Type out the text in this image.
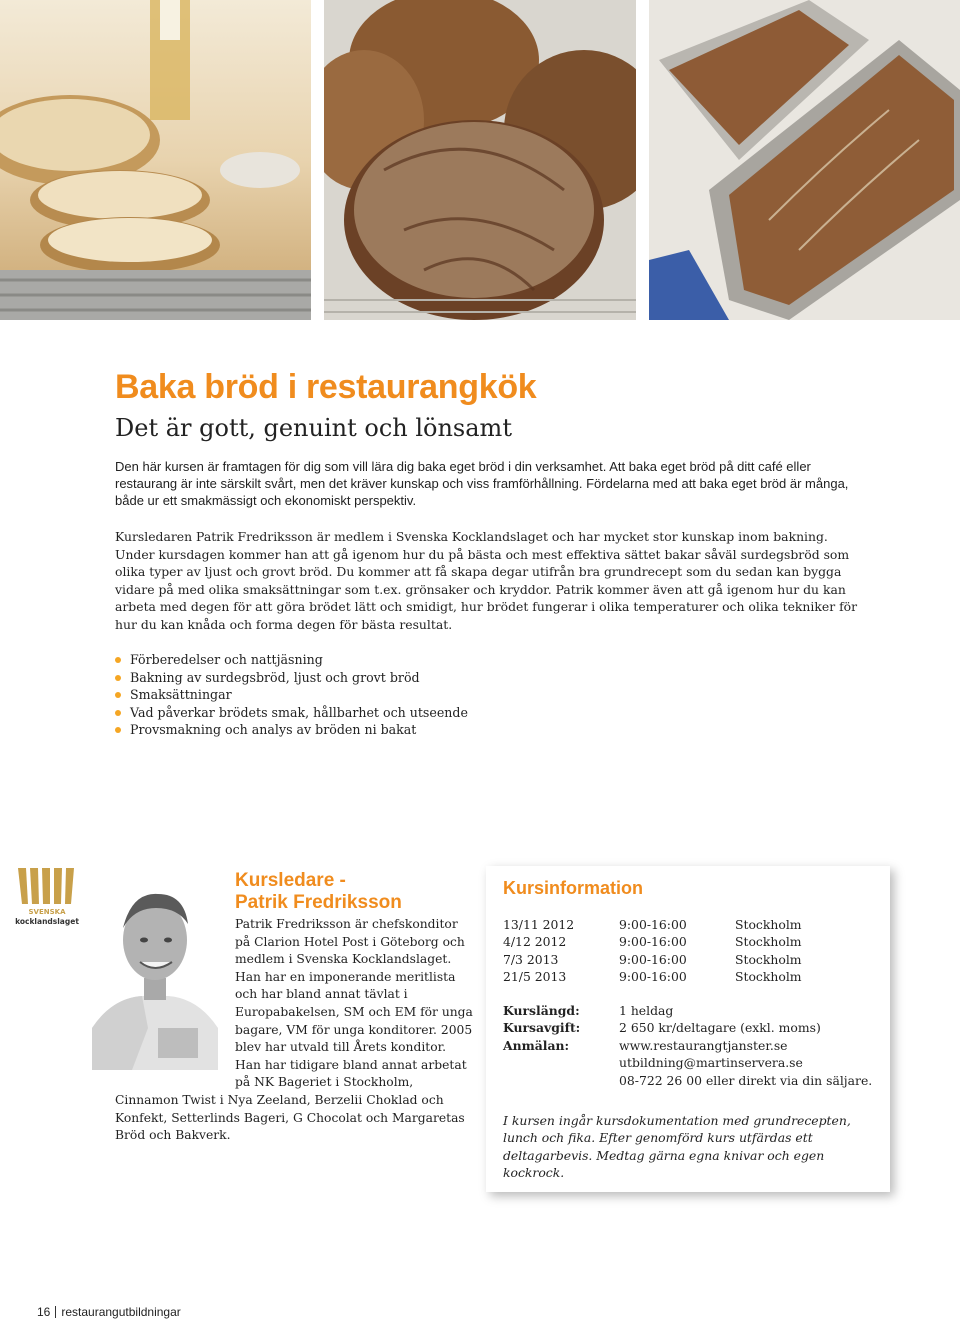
Baka bröd i restaurangkök
Det är gott, genuint och lönsamt

Den här kursen är framtagen för dig som vill lära dig baka eget bröd i din verksamhet. Att baka eget bröd på ditt café eller restaurang är inte särskilt svårt, men det kräver kunskap och viss framförhållning. Fördelarna med att baka eget bröd är många, både ur ett smakmässigt och ekonomiskt perspektiv.

Kursledaren Patrik Fredriksson är medlem i Svenska Kocklandslaget och har mycket stor kunskap inom bakning. Under kursdagen kommer han att gå igenom hur du på bästa och mest effektiva sättet bakar såväl surdegsbröd som olika typer av ljust och grovt bröd. Du kommer att få skapa degar utifrån bra grundrecept som du sedan kan bygga vidare på med olika smaksättningar som t.ex. grönsaker och kryddor. Patrik kommer även att gå igenom hur du kan arbeta med degen för att göra brödet lätt och smidigt, hur brödet fungerar i olika temperaturer och olika tekniker för hur du kan knåda och forma degen för bästa resultat.

Förberedelser och nattjäsning
Bakning av surdegsbröd, ljust och grovt bröd
Smaksättningar
Vad påverkar brödets smak, hållbarhet och utseende
Provsmakning och analys av bröden ni bakat
SVENSKA
kocklandslaget
Kursledare -
Patrik Fredriksson

Patrik Fredriksson är chefskonditor på Clarion Hotel Post i Göteborg och medlem i Svenska Kocklandslaget. Han har en imponerande meritlista och har bland annat tävlat i Europabakelsen, SM och EM för unga bagare, VM för unga konditorer. 2005 blev har utvald till Årets konditor. Han har tidigare bland annat arbetat på NK Bageriet i Stockholm, Cinnamon Twist i Nya Zeeland, Berzelii Choklad och Konfekt, Setterlinds Bageri, G Chocolat och Margaretas Bröd och Bakverk.

Kursinformation
13/11 2012	9:00-16:00	Stockholm
4/12 2012	9:00-16:00	Stockholm
7/3 2013	9:00-16:00	Stockholm
21/5 2013	9:00-16:00	Stockholm
Kurslängd:	1 heldag
Kursavgift:	2 650 kr/deltagare (exkl. moms)
Anmälan:	www.restaurangtjanster.se
utbildning@martinservera.se
08-722 26 00 eller direkt via din säljare.

I kursen ingår kursdokumentation med grundrecepten, lunch och fika. Efter genomförd kurs utfärdas ett deltagarbevis. Medtag gärna egna knivar och egen kockrock.

16 restaurangutbildningar
